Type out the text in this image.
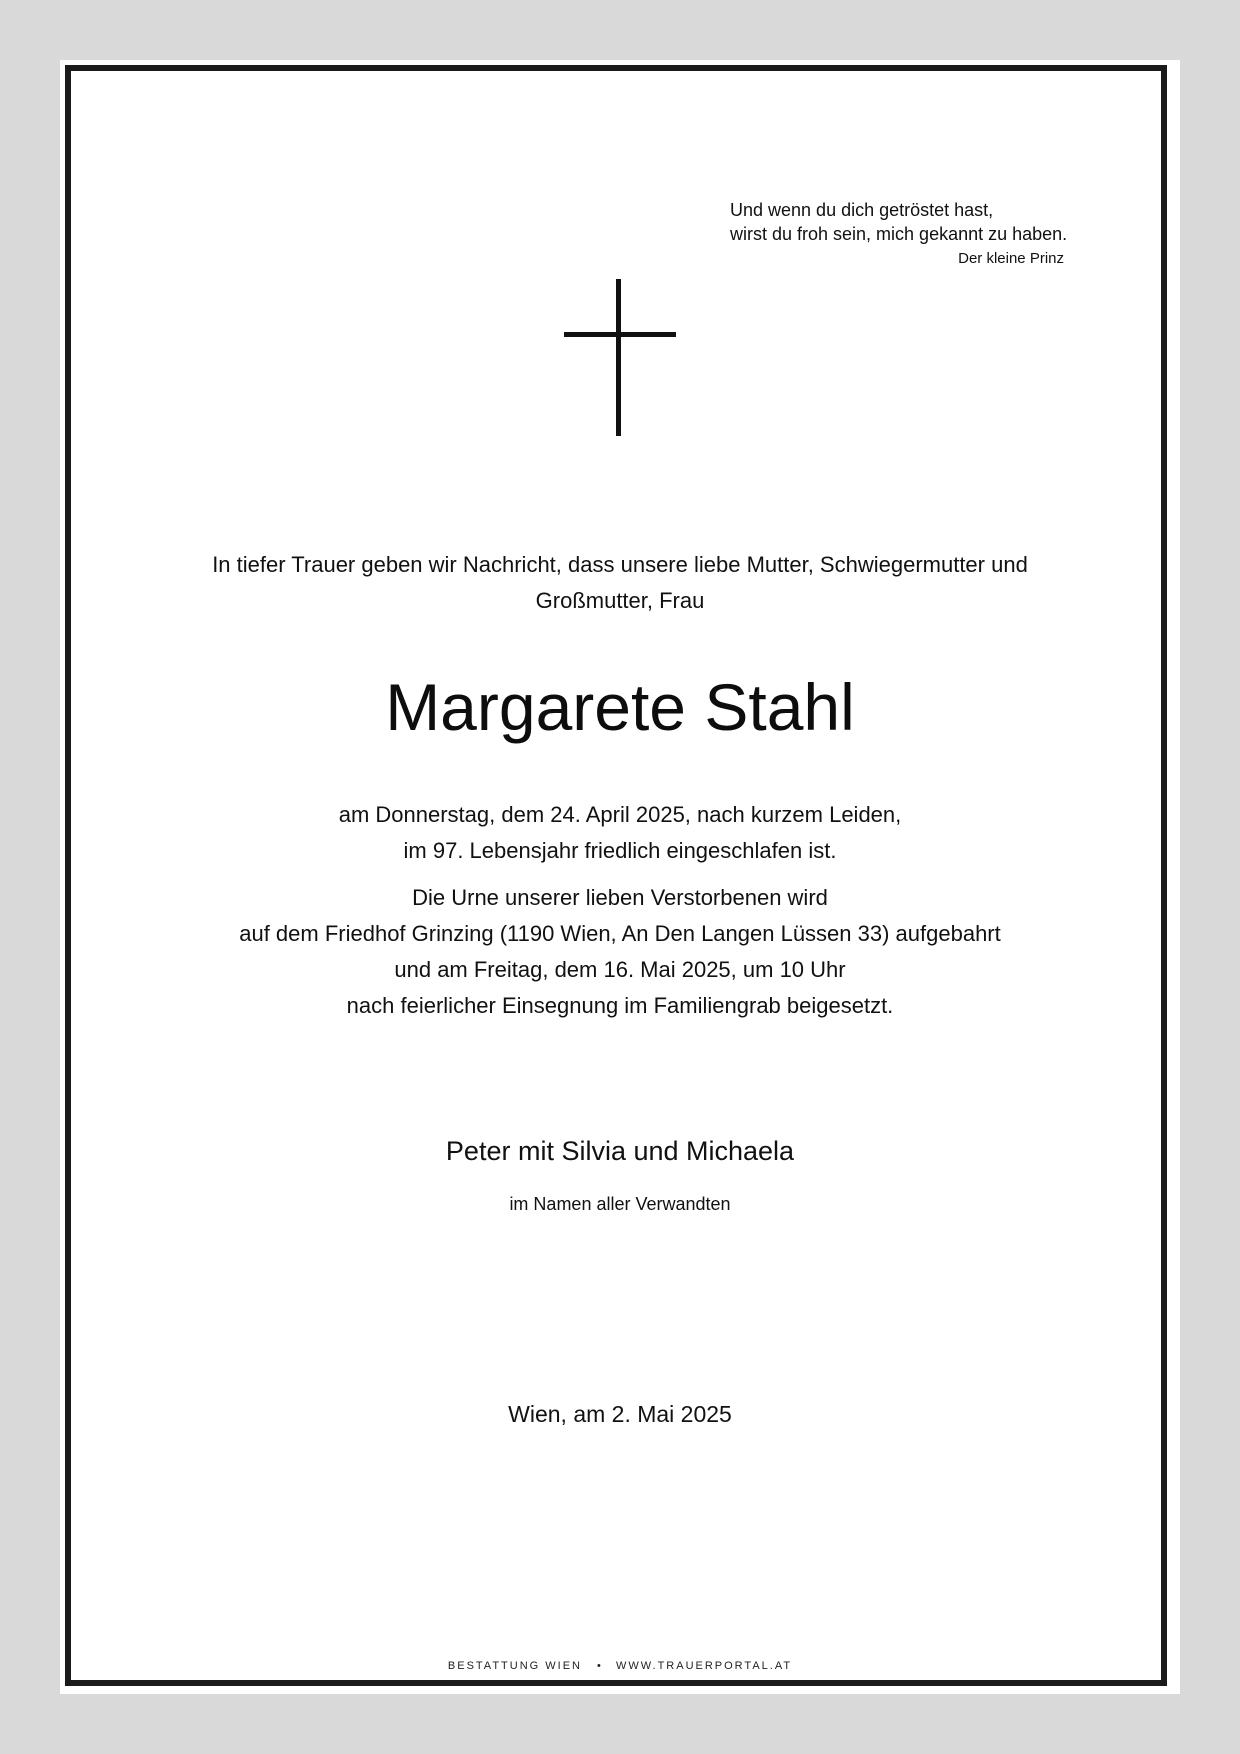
Und wenn du dich getröstet hast,
wirst du froh sein, mich gekannt zu haben.
Der kleine Prinz
In tiefer Trauer geben wir Nachricht, dass unsere liebe Mutter, Schwiegermutter und
Großmutter, Frau
Margarete Stahl
am Donnerstag, dem 24. April 2025, nach kurzem Leiden,
im 97. Lebensjahr friedlich eingeschlafen ist.
Die Urne unserer lieben Verstorbenen wird
auf dem Friedhof Grinzing (1190 Wien, An Den Langen Lüssen 33) aufgebahrt
und am Freitag, dem 16. Mai 2025, um 10 Uhr
nach feierlicher Einsegnung im Familiengrab beigesetzt.
Peter mit Silvia und Michaela
im Namen aller Verwandten
Wien, am 2. Mai 2025
BESTATTUNG WIEN • WWW.TRAUERPORTAL.AT
